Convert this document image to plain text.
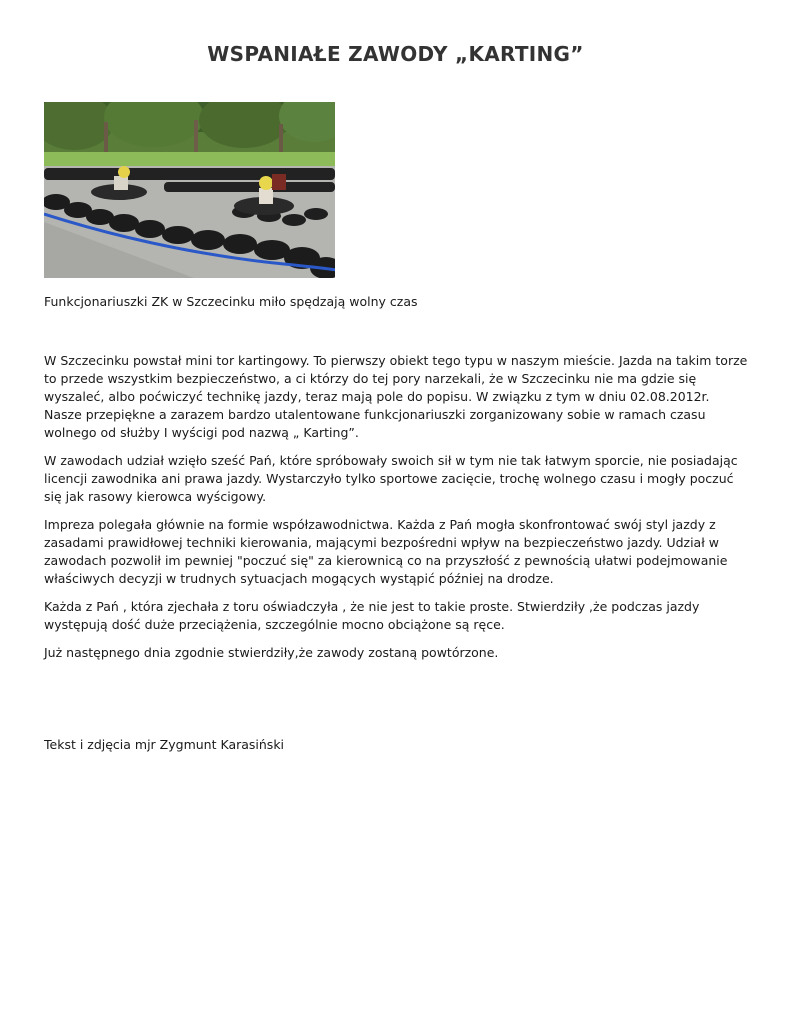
WSPANIAŁE ZAWODY „KARTING”

Funkcjonariuszki ZK w Szczecinku miło spędzają wolny czas

W Szczecinku powstał mini tor kartingowy. To pierwszy obiekt tego typu w naszym mieście. Jazda na takim torze to przede wszystkim bezpieczeństwo, a ci którzy do tej pory narzekali, że w Szczecinku nie ma gdzie się wyszaleć, albo poćwiczyć technikę jazdy, teraz mają pole do popisu. W związku z tym w dniu 02.08.2012r. Nasze przepiękne a zarazem bardzo utalentowane funkcjonariuszki zorganizowany sobie w ramach czasu wolnego od służby I wyścigi pod nazwą „ Karting”.

W zawodach udział wzięło sześć Pań, które spróbowały swoich sił w tym nie tak łatwym sporcie, nie posiadając licencji zawodnika ani prawa jazdy. Wystarczyło tylko sportowe zacięcie, trochę wolnego czasu i mogły poczuć się jak rasowy kierowca wyścigowy.

Impreza polegała głównie na formie współzawodnictwa. Każda z Pań mogła skonfrontować swój styl jazdy z zasadami prawidłowej techniki kierowania, mającymi bezpośredni wpływ na bezpieczeństwo jazdy. Udział w zawodach pozwolił im pewniej "poczuć się" za kierownicą co na przyszłość z pewnością ułatwi podejmowanie właściwych decyzji w trudnych sytuacjach mogących wystąpić później na drodze.

Każda z Pań , która zjechała z toru oświadczyła , że nie jest to takie proste. Stwierdziły ,że podczas jazdy występują dość duże przeciążenia, szczególnie mocno obciążone są ręce.

Już następnego dnia zgodnie stwierdziły,że zawody zostaną powtórzone.

Tekst i zdjęcia mjr Zygmunt Karasiński
